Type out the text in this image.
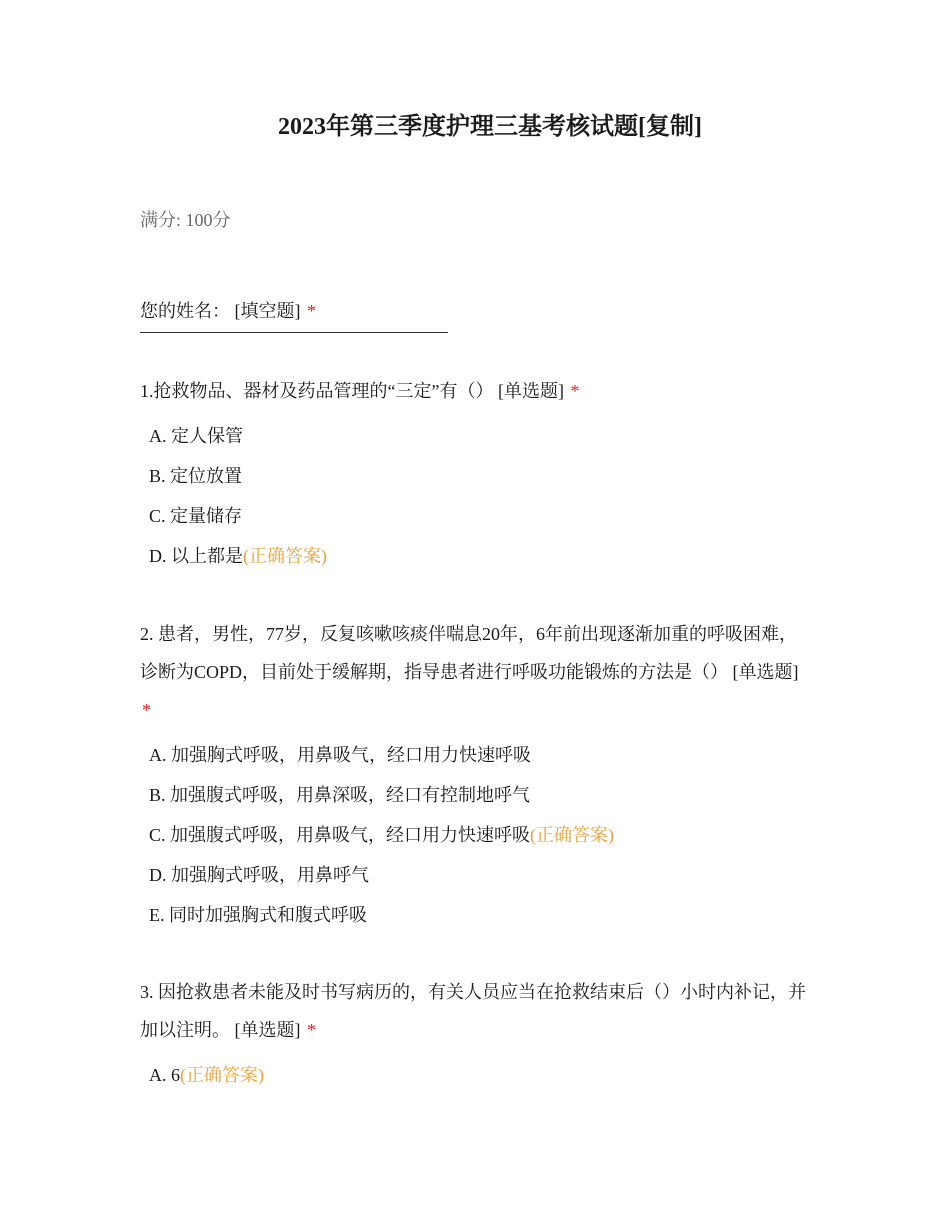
2023年第三季度护理三基考核试题[复制]
满分: 100分
您的姓名： [填空题] *
1.抢救物品、器材及药品管理的“三定”有（） [单选题] *
A. 定人保管
B. 定位放置
C. 定量储存
D. 以上都是(正确答案)
2. 患者，男性，77岁，反复咳嗽咳痰伴喘息20年，6年前出现逐渐加重的呼吸困难，诊断为COPD，目前处于缓解期，指导患者进行呼吸功能锻炼的方法是（） [单选题] *
A. 加强胸式呼吸，用鼻吸气，经口用力快速呼吸
B. 加强腹式呼吸，用鼻深吸，经口有控制地呼气
C. 加强腹式呼吸，用鼻吸气，经口用力快速呼吸(正确答案)
D. 加强胸式呼吸，用鼻呼气
E. 同时加强胸式和腹式呼吸
3. 因抢救患者未能及时书写病历的，有关人员应当在抢救结束后（）小时内补记，并加以注明。 [单选题] *
A. 6(正确答案)
